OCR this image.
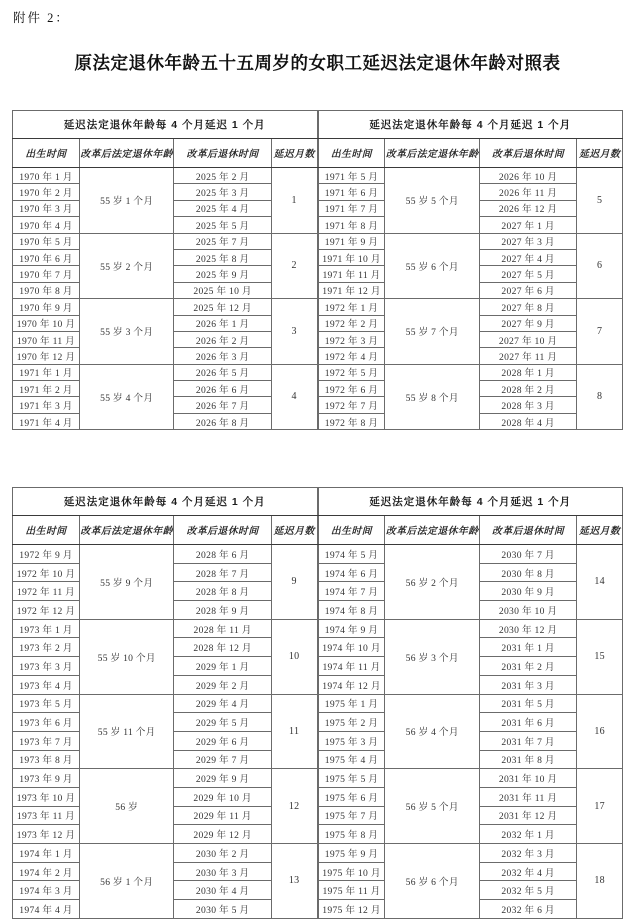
附件 2：
原法定退休年龄五十五周岁的女职工延迟法定退休年龄对照表
延迟法定退休年龄每 4 个月延迟 1 个月			
出生时间	改革后法定退休年龄	改革后退休时间	延迟月数
1970 年 1 月	55 岁 1 个月	2025 年 2 月	1
1970 年 2 月		2025 年 3 月	
1970 年 3 月		2025 年 4 月	
1970 年 4 月		2025 年 5 月	
1970 年 5 月	55 岁 2 个月	2025 年 7 月	2
1970 年 6 月		2025 年 8 月	
1970 年 7 月		2025 年 9 月	
1970 年 8 月		2025 年 10 月	
1970 年 9 月	55 岁 3 个月	2025 年 12 月	3
1970 年 10 月		2026 年 1 月	
1970 年 11 月		2026 年 2 月	
1970 年 12 月		2026 年 3 月	
1971 年 1 月	55 岁 4 个月	2026 年 5 月	4
1971 年 2 月		2026 年 6 月	
1971 年 3 月		2026 年 7 月	
1971 年 4 月		2026 年 8 月	
延迟法定退休年龄每 4 个月延迟 1 个月			
出生时间	改革后法定退休年龄	改革后退休时间	延迟月数
1971 年 5 月	55 岁 5 个月	2026 年 10 月	5
1971 年 6 月		2026 年 11 月	
1971 年 7 月		2026 年 12 月	
1971 年 8 月		2027 年 1 月	
1971 年 9 月	55 岁 6 个月	2027 年 3 月	6
1971 年 10 月		2027 年 4 月	
1971 年 11 月		2027 年 5 月	
1971 年 12 月		2027 年 6 月	
1972 年 1 月	55 岁 7 个月	2027 年 8 月	7
1972 年 2 月		2027 年 9 月	
1972 年 3 月		2027 年 10 月	
1972 年 4 月		2027 年 11 月	
1972 年 5 月	55 岁 8 个月	2028 年 1 月	8
1972 年 6 月		2028 年 2 月	
1972 年 7 月		2028 年 3 月	
1972 年 8 月		2028 年 4 月	
延迟法定退休年龄每 4 个月延迟 1 个月			
出生时间	改革后法定退休年龄	改革后退休时间	延迟月数
1972 年 9 月	55 岁 9 个月	2028 年 6 月	9
1972 年 10 月		2028 年 7 月	
1972 年 11 月		2028 年 8 月	
1972 年 12 月		2028 年 9 月	
1973 年 1 月	55 岁 10 个月	2028 年 11 月	10
1973 年 2 月		2028 年 12 月	
1973 年 3 月		2029 年 1 月	
1973 年 4 月		2029 年 2 月	
1973 年 5 月	55 岁 11 个月	2029 年 4 月	11
1973 年 6 月		2029 年 5 月	
1973 年 7 月		2029 年 6 月	
1973 年 8 月		2029 年 7 月	
1973 年 9 月	56 岁	2029 年 9 月	12
1973 年 10 月		2029 年 10 月	
1973 年 11 月		2029 年 11 月	
1973 年 12 月		2029 年 12 月	
1974 年 1 月	56 岁 1 个月	2030 年 2 月	13
1974 年 2 月		2030 年 3 月	
1974 年 3 月		2030 年 4 月	
1974 年 4 月		2030 年 5 月	
延迟法定退休年龄每 4 个月延迟 1 个月			
出生时间	改革后法定退休年龄	改革后退休时间	延迟月数
1974 年 5 月	56 岁 2 个月	2030 年 7 月	14
1974 年 6 月		2030 年 8 月	
1974 年 7 月		2030 年 9 月	
1974 年 8 月		2030 年 10 月	
1974 年 9 月	56 岁 3 个月	2030 年 12 月	15
1974 年 10 月		2031 年 1 月	
1974 年 11 月		2031 年 2 月	
1974 年 12 月		2031 年 3 月	
1975 年 1 月	56 岁 4 个月	2031 年 5 月	16
1975 年 2 月		2031 年 6 月	
1975 年 3 月		2031 年 7 月	
1975 年 4 月		2031 年 8 月	
1975 年 5 月	56 岁 5 个月	2031 年 10 月	17
1975 年 6 月		2031 年 11 月	
1975 年 7 月		2031 年 12 月	
1975 年 8 月		2032 年 1 月	
1975 年 9 月	56 岁 6 个月	2032 年 3 月	18
1975 年 10 月		2032 年 4 月	
1975 年 11 月		2032 年 5 月	
1975 年 12 月		2032 年 6 月	
